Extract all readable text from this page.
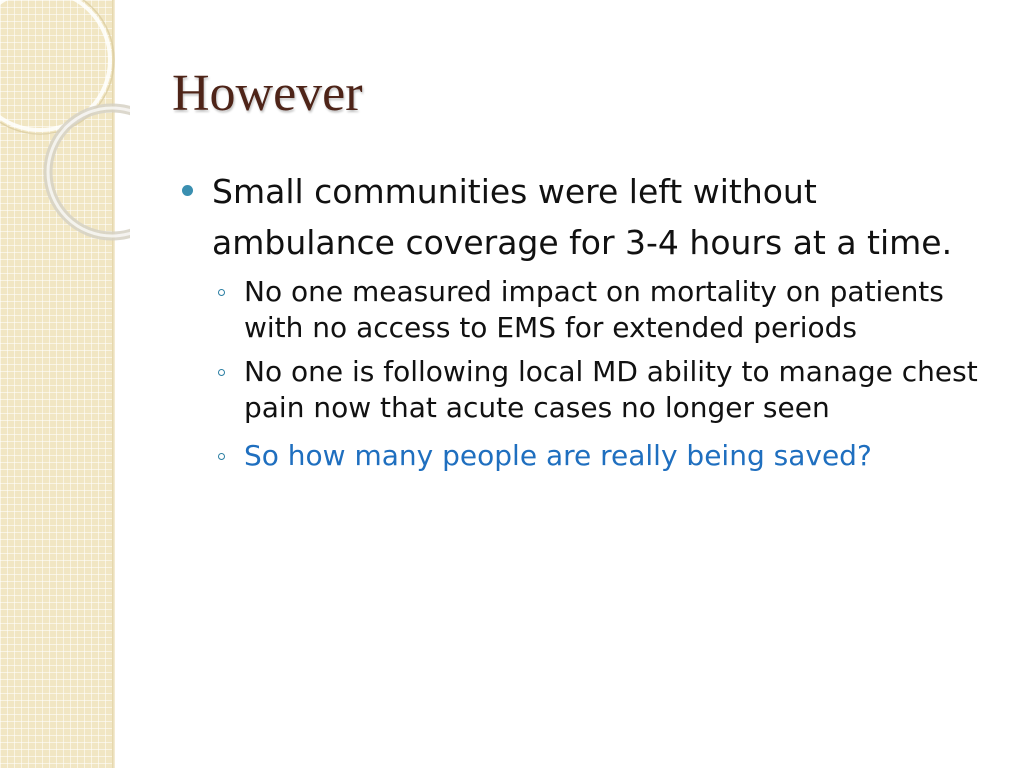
However
Small communities were left without ambulance coverage for 3-4 hours at a time.
No one measured impact on mortality on patients with no access to EMS for extended periods
No one is following local MD ability to manage chest pain now that acute cases no longer seen
So how many people are really being saved?
